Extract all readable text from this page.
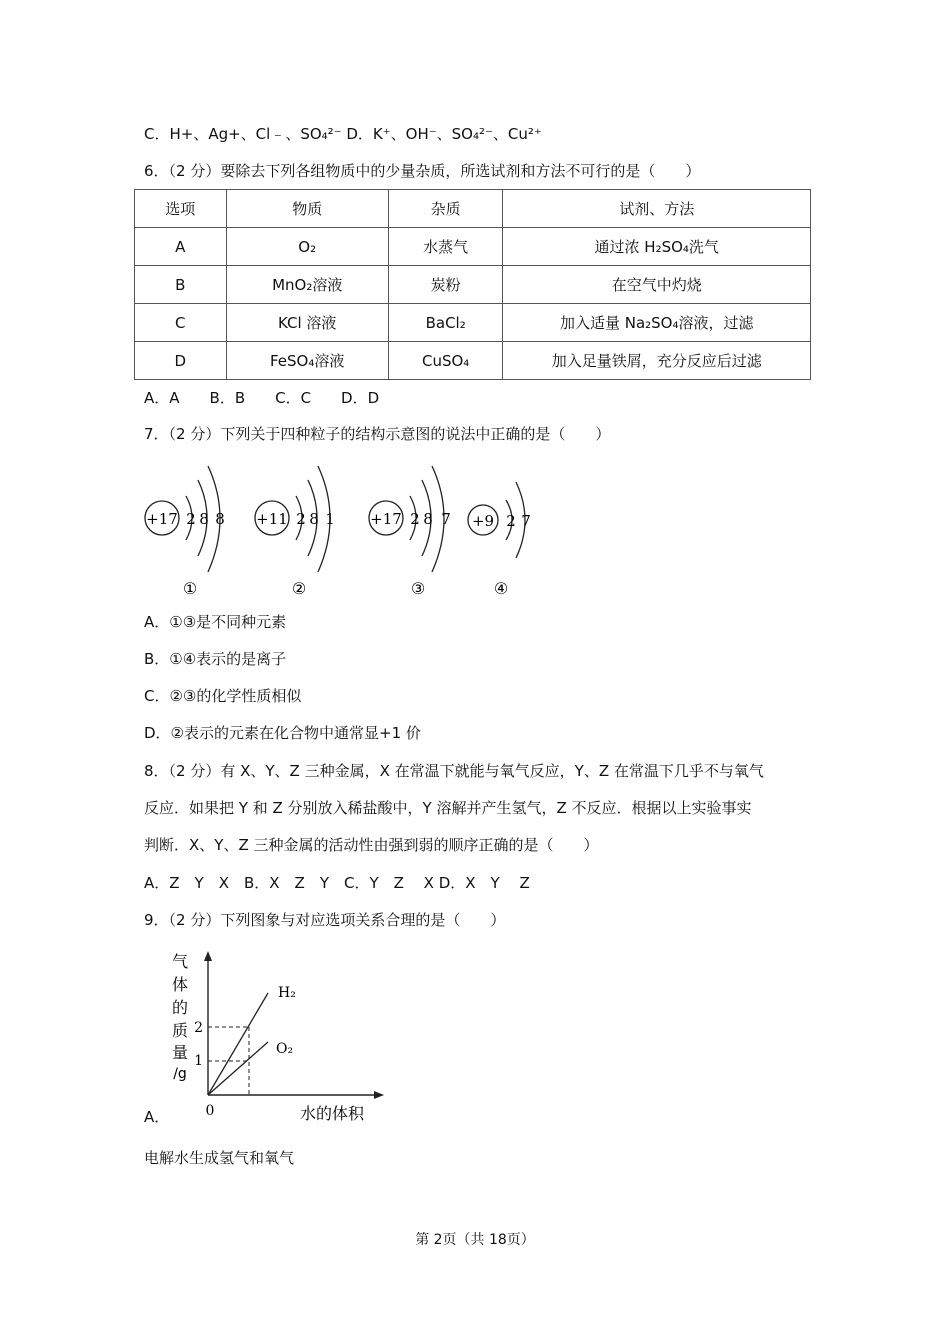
C．H+、Ag+、Cl﹣、SO₄²⁻ D．K⁺、OH⁻、SO₄²⁻、Cu²⁺
6．（2 分）要除去下列各组物质中的少量杂质，所选试剂和方法不可行的是（　　）
选项	物质	杂质	试剂、方法
A	O₂	水蒸气	通过浓 H₂SO₄洗气
B	MnO₂溶液	炭粉	在空气中灼烧
C	KCl 溶液	BaCl₂	加入适量 Na₂SO₄溶液，过滤
D	FeSO₄溶液	CuSO₄	加入足量铁屑，充分反应后过滤
A．A　　B．B　　C．C　　D．D
7．（2 分）下列关于四种粒子的结构示意图的说法中正确的是（　　）
+17 2 8 8
①
+11 2 8 1
②
+17 2 8 7
③
+9 2 7
④
A．①③是不同种元素
B．①④表示的是离子
C．②③的化学性质相似
D．②表示的元素在化合物中通常显+1 价
8．（2 分）有 X、Y、Z 三种金属，X 在常温下就能与氧气反应，Y、Z 在常温下几乎不与氧气
反应．如果把 Y 和 Z 分别放入稀盐酸中，Y 溶解并产生氢气，Z 不反应．根据以上实验事实
判断．X、Y、Z 三种金属的活动性由强到弱的顺序正确的是（　　）
A．Z　Y　X　B．X　Z　Y　C．Y　Z　 X D．X　Y　 Z
9．（2 分）下列图象与对应选项关系合理的是（　　）
气
体
的
质
量
/g
2
1
H₂
O₂
0	水的体积
A．
电解水生成氢气和氧气
第 2页（共 18页）
